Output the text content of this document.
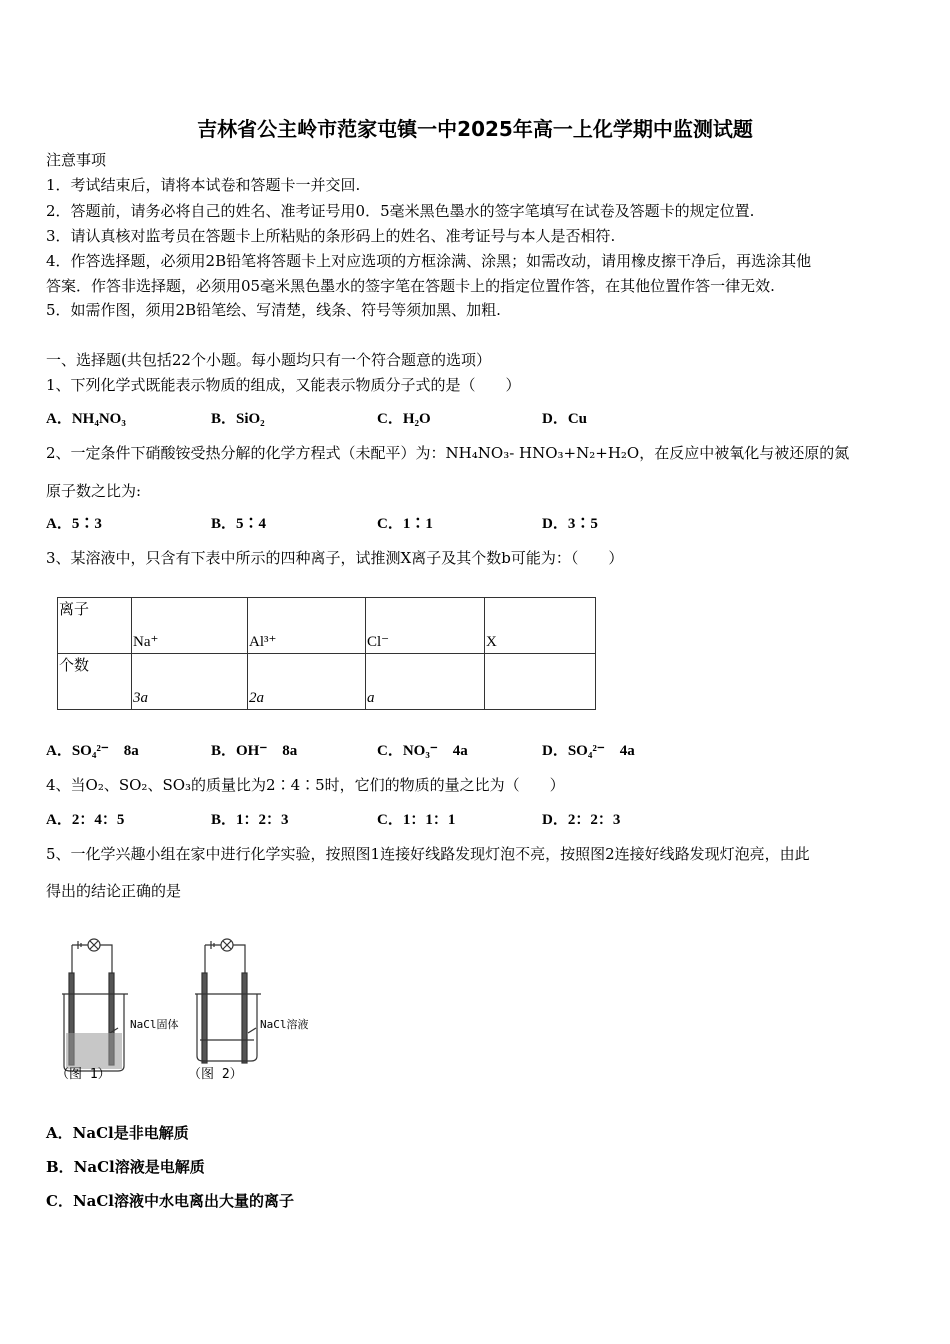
吉林省公主岭市范家屯镇一中2025年高一上化学期中监测试题
注意事项
1．考试结束后，请将本试卷和答题卡一并交回.
2．答题前，请务必将自己的姓名、准考证号用0．5毫米黑色墨水的签字笔填写在试卷及答题卡的规定位置.
3．请认真核对监考员在答题卡上所粘贴的条形码上的姓名、准考证号与本人是否相符.
4．作答选择题，必须用2B铅笔将答题卡上对应选项的方框涂满、涂黑；如需改动，请用橡皮擦干净后，再选涂其他
答案．作答非选择题，必须用05毫米黑色墨水的签字笔在答题卡上的指定位置作答，在其他位置作答一律无效.
5．如需作图，须用2B铅笔绘、写清楚，线条、符号等须加黑、加粗.
一、选择题(共包括22个小题。每小题均只有一个符合题意的选项）
1、下列化学式既能表示物质的组成，又能表示物质分子式的是（　　）
A．NH₄NO₃	B．SiO₂	C．H₂O	D．Cu
2、一定条件下硝酸铵受热分解的化学方程式（未配平）为：NH₄NO₃- HNO₃+N₂+H₂O，在反应中被氧化与被还原的氮
原子数之比为:
A．5∶3	B．5∶4	C．1∶1	D．3∶5
3、某溶液中，只含有下表中所示的四种离子，试推测X离子及其个数b可能为：（　　）
离子	Na⁺	Al³⁺	Cl⁻	X

个数	3a	2a	a	

A．SO₄²⁻　8a	B．OH⁻　8a	C．NO₃⁻　4a	D．SO₄²⁻　4a
4、当O₂、SO₂、SO₃的质量比为2∶4∶5时，它们的物质的量之比为（　　）
A．2：4：5	B．1：2：3	C．1：1：1	D．2：2：3
5、一化学兴趣小组在家中进行化学实验，按照图1连接好线路发现灯泡不亮，按照图2连接好线路发现灯泡亮，由此
得出的结论正确的是
NaCl固体	NaCl溶液
（图 1）	（图 2）
A．NaCl是非电解质
B．NaCl溶液是电解质
C．NaCl溶液中水电离出大量的离子
